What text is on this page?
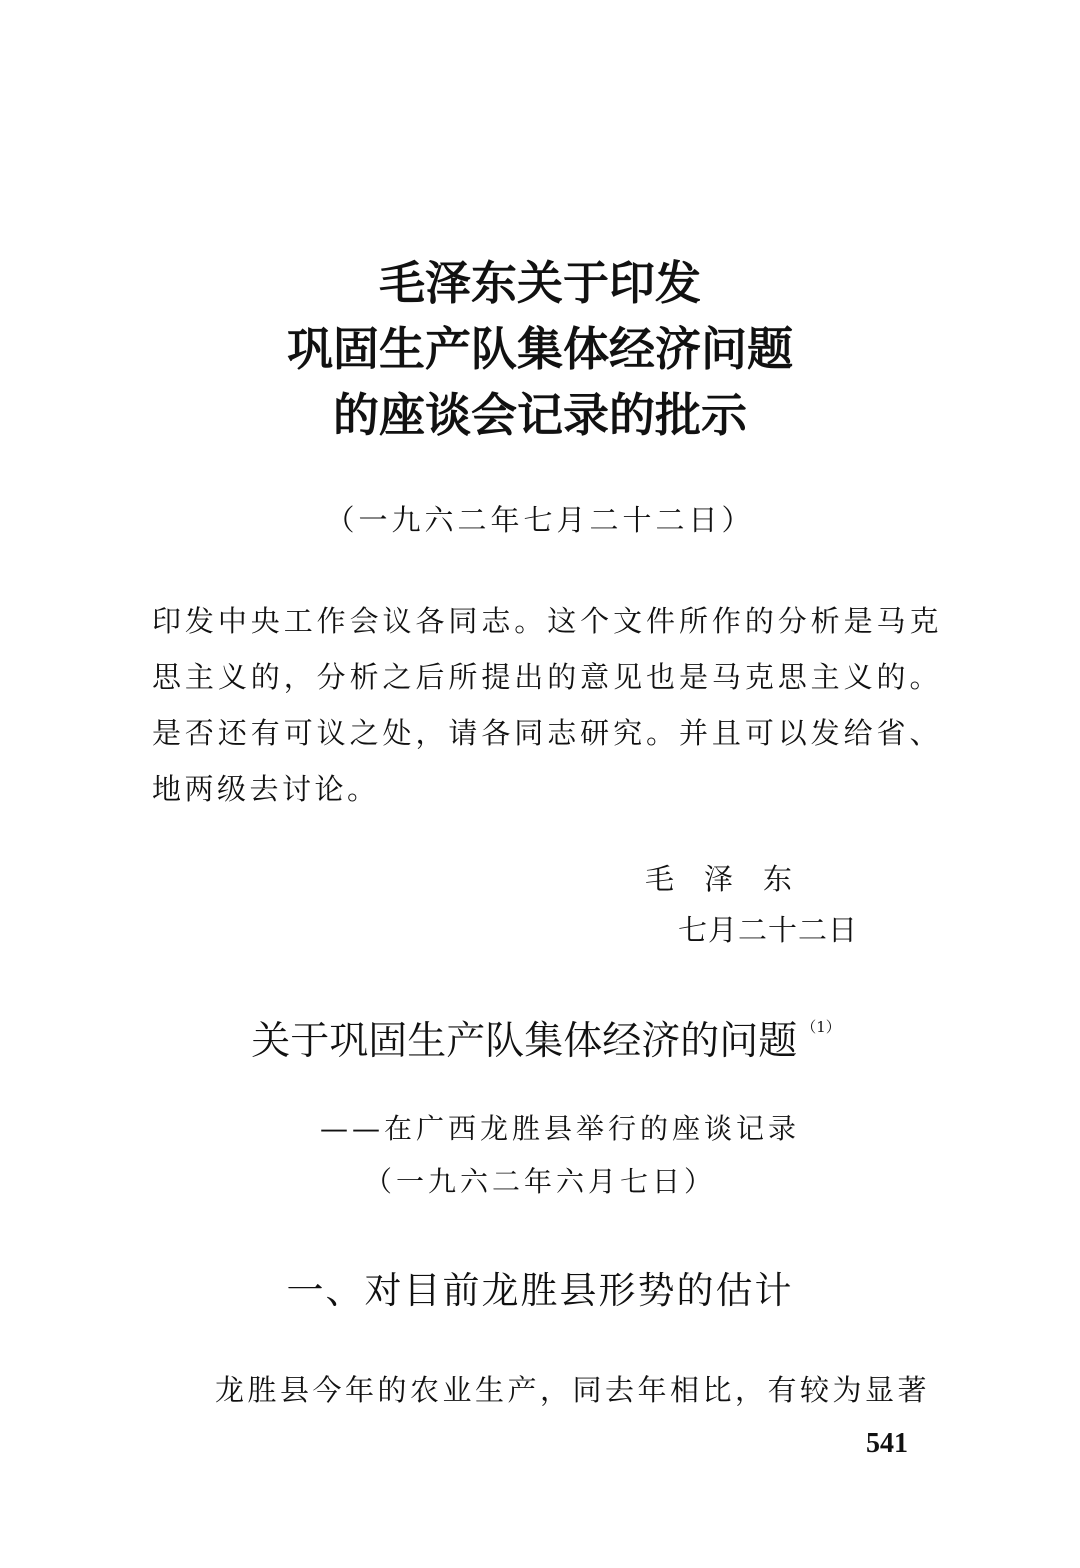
毛泽东关于印发
巩固生产队集体经济问题
的座谈会记录的批示
（一九六二年七月二十二日）
印发中央工作会议各同志。这个文件所作的分析是马克思主义的，分析之后所提出的意见也是马克思主义的。是否还有可议之处，请各同志研究。并且可以发给省、地两级去讨论。
毛泽东
七月二十二日
关于巩固生产队集体经济的问题 $^{(1)}$
——在广西龙胜县举行的座谈记录
（一九六二年六月七日）
一、对目前龙胜县形势的估计
龙胜县今年的农业生产，同去年相比，有较为显著
541
